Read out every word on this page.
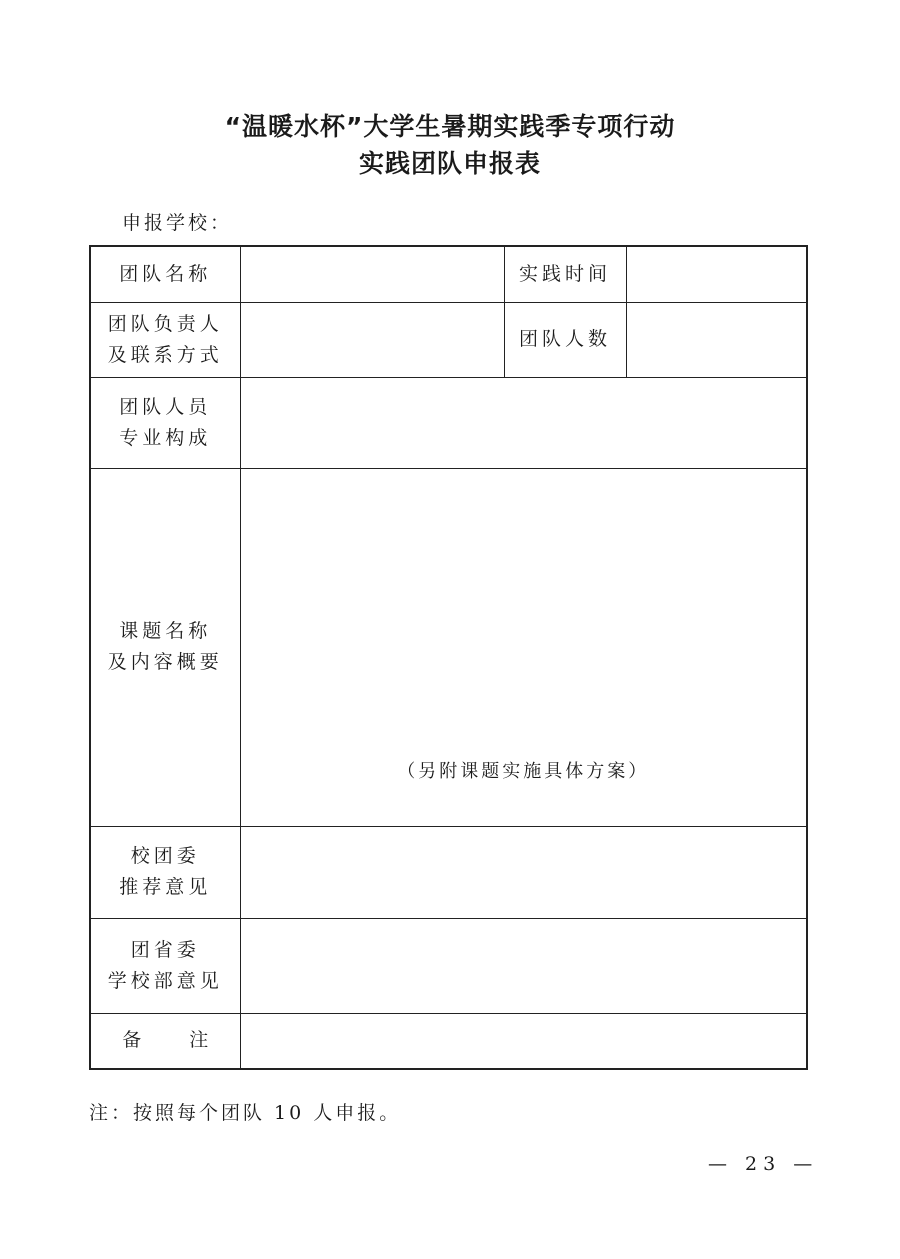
“温暖水杯”大学生暑期实践季专项行动
实践团队申报表
申报学校：
团队名称		实践时间	

团队负责人
及联系方式		团队人数	

团队人员
专业构成			

课题名称
及内容概要	（另附课题实施具体方案）		

校团委
推荐意见			

团省委
学校部意见			

备注			
注：按照每个团队 10 人申报。
— 23 —
